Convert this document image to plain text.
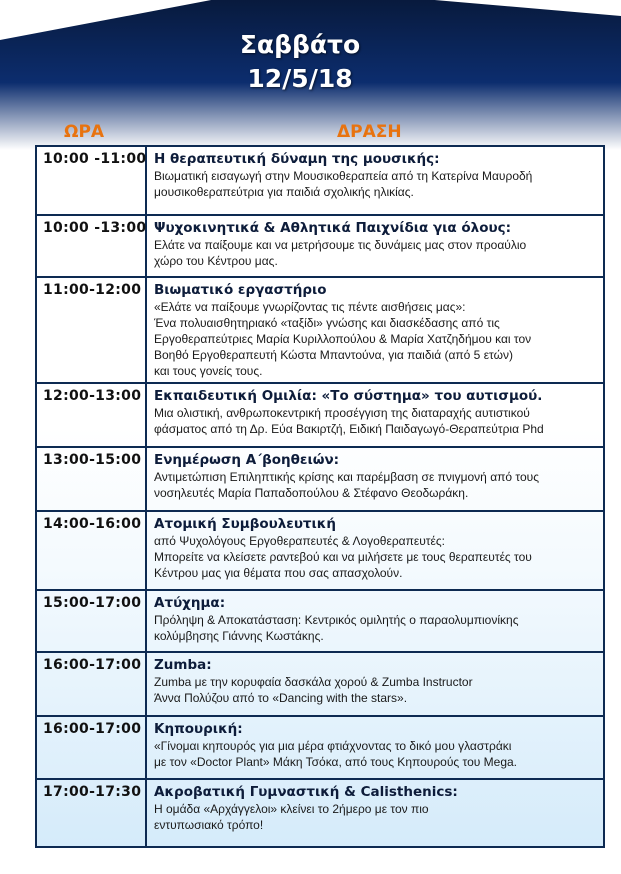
Σαββάτο
12/5/18
ΩΡΑ	ΔΡΑΣΗ
10:00 -11:00 Η θεραπευτική δύναμη της μουσικής:
Βιωματική εισαγωγή στην Μουσικοθεραπεία από τη Κατερίνα Μαυροδή
μουσικοθεραπεύτρια για παιδιά σχολικής ηλικίας.
10:00 -13:00 Ψυχοκινητικά & Αθλητικά Παιχνίδια για όλους:
Ελάτε να παίξουμε και να μετρήσουμε τις δυνάμεις μας στον προαύλιο
χώρο του Κέντρου μας.
11:00-12:00 Βιωματικό εργαστήριο
«Ελάτε να παίξουμε γνωρίζοντας τις πέντε αισθήσεις μας»:
Ένα πολυαισθητηριακό «ταξίδι» γνώσης και διασκέδασης από τις
Εργοθεραπεύτριες Μαρία Κυριλλοπούλου & Μαρία Χατζηδήμου και τον
Βοηθό Εργοθεραπευτή Κώστα Μπαντούνα, για παιδιά (από 5 ετών)
και τους γονείς τους.
12:00-13:00 Εκπαιδευτική Ομιλία: «Το σύστημα» του αυτισμού.
Μια ολιστική, ανθρωποκεντρική προσέγγιση της διαταραχής αυτιστικού
φάσματος από τη Δρ. Εύα Βακιρτζή, Ειδική Παιδαγωγό-Θεραπεύτρια Phd
13:00-15:00 Ενημέρωση Α΄βοηθειών:
Αντιμετώπιση Επιληπτικής κρίσης και παρέμβαση σε πνιγμονή από τους
νοσηλευτές Μαρία Παπαδοπούλου & Στέφανο Θεοδωράκη.
14:00-16:00 Ατομική Συμβουλευτική
από Ψυχολόγους Εργοθεραπευτές & Λογοθεραπευτές:
Μπορείτε να κλείσετε ραντεβού και να μιλήσετε με τους θεραπευτές του
Κέντρου μας για θέματα που σας απασχολούν.
15:00-17:00 Ατύχημα:
Πρόληψη & Αποκατάσταση: Κεντρικός ομιλητής ο παραολυμπιονίκης
κολύμβησης Γιάννης Κωστάκης.
16:00-17:00 Zumba:
Zumba με την κορυφαία δασκάλα χορού & Zumba Instructor
Άννα Πολύζου από το «Dancing with the stars».
16:00-17:00 Κηπουρική:
«Γίνομαι κηπουρός για μια μέρα φτιάχνοντας το δικό μου γλαστράκι
με τον «Doctor Plant» Μάκη Τσόκα, από τους Κηπουρούς του Mega.
17:00-17:30 Ακροβατική Γυμναστική & Calisthenics:
Η ομάδα «Αρχάγγελοι» κλείνει το 2ήμερο με τον πιο
εντυπωσιακό τρόπο!
